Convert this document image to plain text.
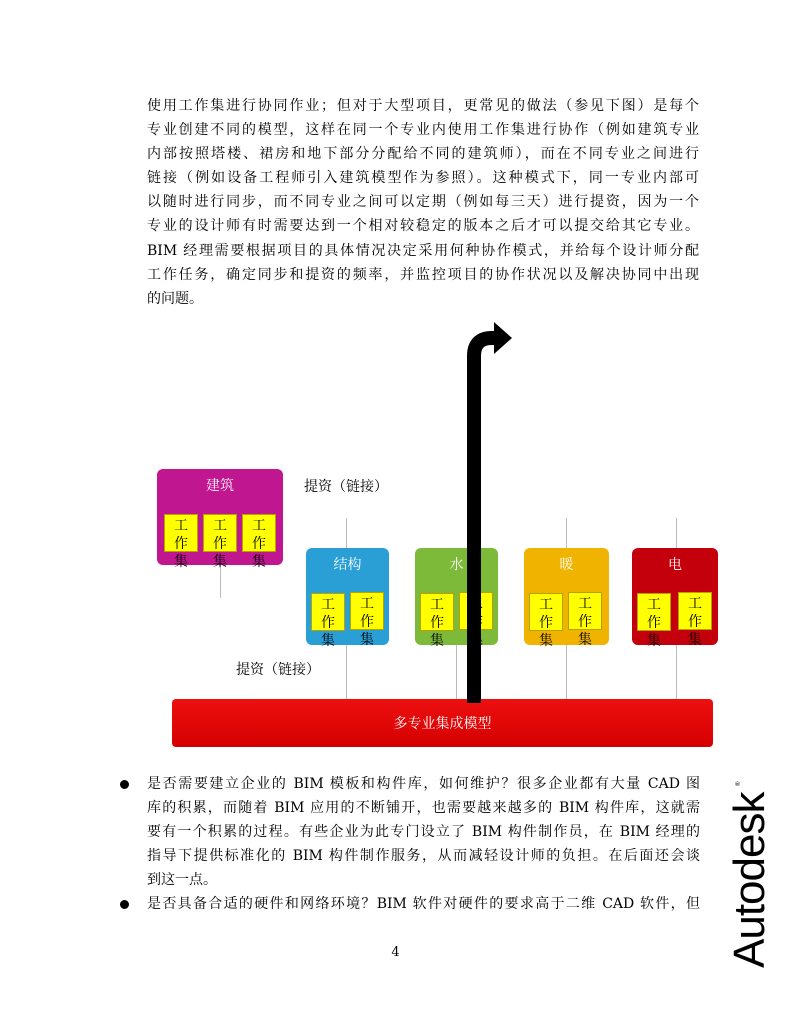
使用工作集进行协同作业；但对于大型项目，更常见的做法（参见下图）是每个
专业创建不同的模型，这样在同一个专业内使用工作集进行协作（例如建筑专业
内部按照塔楼、裙房和地下部分分配给不同的建筑师），而在不同专业之间进行
链接（例如设备工程师引入建筑模型作为参照）。这种模式下，同一专业内部可
以随时进行同步，而不同专业之间可以定期（例如每三天）进行提资，因为一个
专业的设计师有时需要达到一个相对较稳定的版本之后才可以提交给其它专业。
BIM 经理需要根据项目的具体情况决定采用何种协作模式，并给每个设计师分配
工作任务，确定同步和提资的频率，并监控项目的协作状况以及解决协同中出现
的问题。
建筑
工
作
集
工
作
集
工
作
集	结构
工
作
集
工
作
集
水
工
作
集
工
作
集
暖
工
作
集
工
作
集
电
工
作
集
工
作
集
提资（链接）
提资（链接）
多专业集成模型
是否需要建立企业的 BIM 模板和构件库，如何维护？很多企业都有大量 CAD 图
库的积累，而随着 BIM 应用的不断铺开，也需要越来越多的 BIM 构件库，这就需
要有一个积累的过程。有些企业为此专门设立了 BIM 构件制作员，在 BIM 经理的
指导下提供标准化的 BIM 构件制作服务，从而减轻设计师的负担。在后面还会谈
到这一点。
是否具备合适的硬件和网络环境？BIM 软件对硬件的要求高于二维 CAD 软件，但
4	Autodesk
®
